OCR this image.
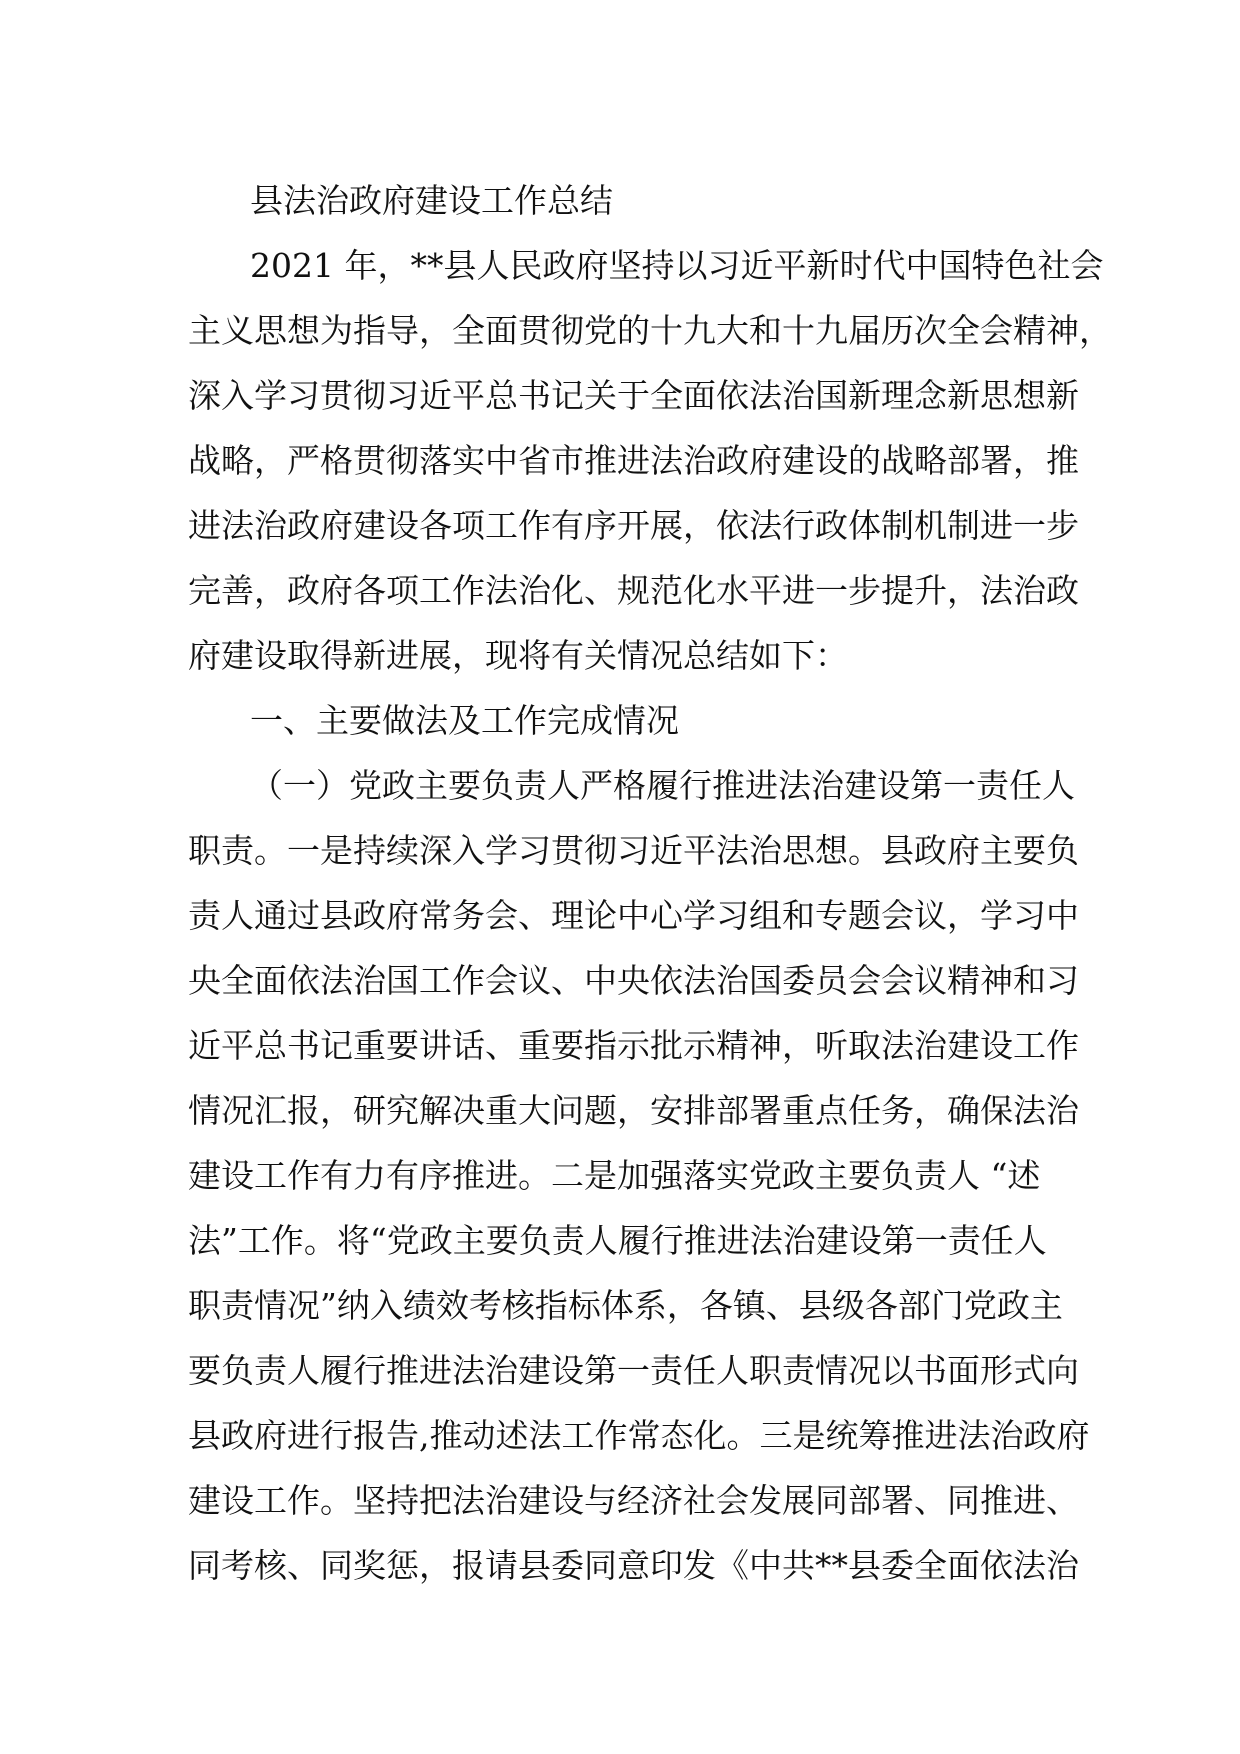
县法治政府建设工作总结
2021 年，**县人民政府坚持以习近平新时代中国特色社会
主义思想为指导，全面贯彻党的十九大和十九届历次全会精神，
深入学习贯彻习近平总书记关于全面依法治国新理念新思想新
战略，严格贯彻落实中省市推进法治政府建设的战略部署，推
进法治政府建设各项工作有序开展，依法行政体制机制进一步
完善，政府各项工作法治化、规范化水平进一步提升，法治政
府建设取得新进展，现将有关情况总结如下：
一、主要做法及工作完成情况
（一）党政主要负责人严格履行推进法治建设第一责任人
职责。一是持续深入学习贯彻习近平法治思想。县政府主要负
责人通过县政府常务会、理论中心学习组和专题会议，学习中
央全面依法治国工作会议、中央依法治国委员会会议精神和习
近平总书记重要讲话、重要指示批示精神，听取法治建设工作
情况汇报，研究解决重大问题，安排部署重点任务，确保法治
建设工作有力有序推进。二是加强落实党政主要负责人 “述
法”工作。将“党政主要负责人履行推进法治建设第一责任人
职责情况”纳入绩效考核指标体系，各镇、县级各部门党政主
要负责人履行推进法治建设第一责任人职责情况以书面形式向
县政府进行报告,推动述法工作常态化。三是统筹推进法治政府
建设工作。坚持把法治建设与经济社会发展同部署、同推进、
同考核、同奖惩，报请县委同意印发《中共**县委全面依法治
